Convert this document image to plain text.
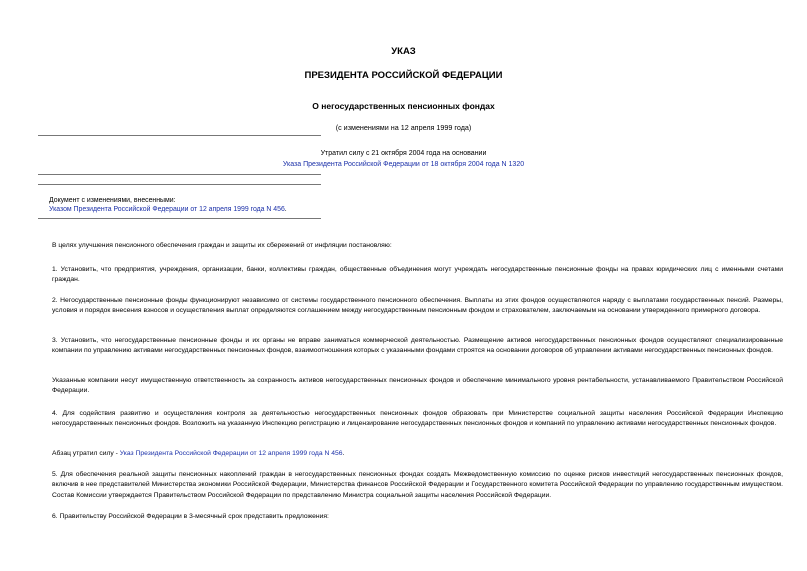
УКАЗ
ПРЕЗИДЕНТА РОССИЙСКОЙ ФЕДЕРАЦИИ
О негосударственных пенсионных фондах
(с изменениями на 12 апреля 1999 года)
Утратил силу с 21 октября 2004 года на основании
Указа Президента Российской Федерации от 18 октября 2004 года N 1320
Документ с изменениями, внесенными:
Указом Президента Российской Федерации от 12 апреля 1999 года N 456.

В целях улучшения пенсионного обеспечения граждан и защиты их сбережений от инфляции постановляю:

1. Установить, что предприятия, учреждения, организации, банки, коллективы граждан, общественные объединения могут учреждать негосударственные пенсионные фонды на правах юридических лиц с именными счетами граждан.

2. Негосударственные пенсионные фонды функционируют независимо от системы государственного пенсионного обеспечения. Выплаты из этих фондов осуществляются наряду с выплатами государственных пенсий. Размеры, условия и порядок внесения взносов и осуществления выплат определяются соглашением между негосударственным пенсионным фондом и страхователем, заключаемым на основании утвержденного примерного договора.

3. Установить, что негосударственные пенсионные фонды и их органы не вправе заниматься коммерческой деятельностью. Размещение активов негосударственных пенсионных фондов осуществляют специализированные компании по управлению активами негосударственных пенсионных фондов, взаимоотношения которых с указанными фондами строятся на основании договоров об управлении активами негосударственных пенсионных фондов.

Указанные компании несут имущественную ответственность за сохранность активов негосударственных пенсионных фондов и обеспечение минимального уровня рентабельности, устанавливаемого Правительством Российской Федерации.

4. Для содействия развитию и осуществления контроля за деятельностью негосударственных пенсионных фондов образовать при Министерстве социальной защиты населения Российской Федерации Инспекцию негосударственных пенсионных фондов. Возложить на указанную Инспекцию регистрацию и лицензирование негосударственных пенсионных фондов и компаний по управлению активами негосударственных пенсионных фондов.

Абзац утратил силу - Указ Президента Российской Федерации от 12 апреля 1999 года N 456.

5. Для обеспечения реальной защиты пенсионных накоплений граждан в негосударственных пенсионных фондах создать Межведомственную комиссию по оценке рисков инвестиций негосударственных пенсионных фондов, включив в нее представителей Министерства экономики Российской Федерации, Министерства финансов Российской Федерации и Государственного комитета Российской Федерации по управлению государственным имуществом. Состав Комиссии утверждается Правительством Российской Федерации по представлению Министра социальной защиты населения Российской Федерации.

6. Правительству Российской Федерации в 3-месячный срок представить предложения:
